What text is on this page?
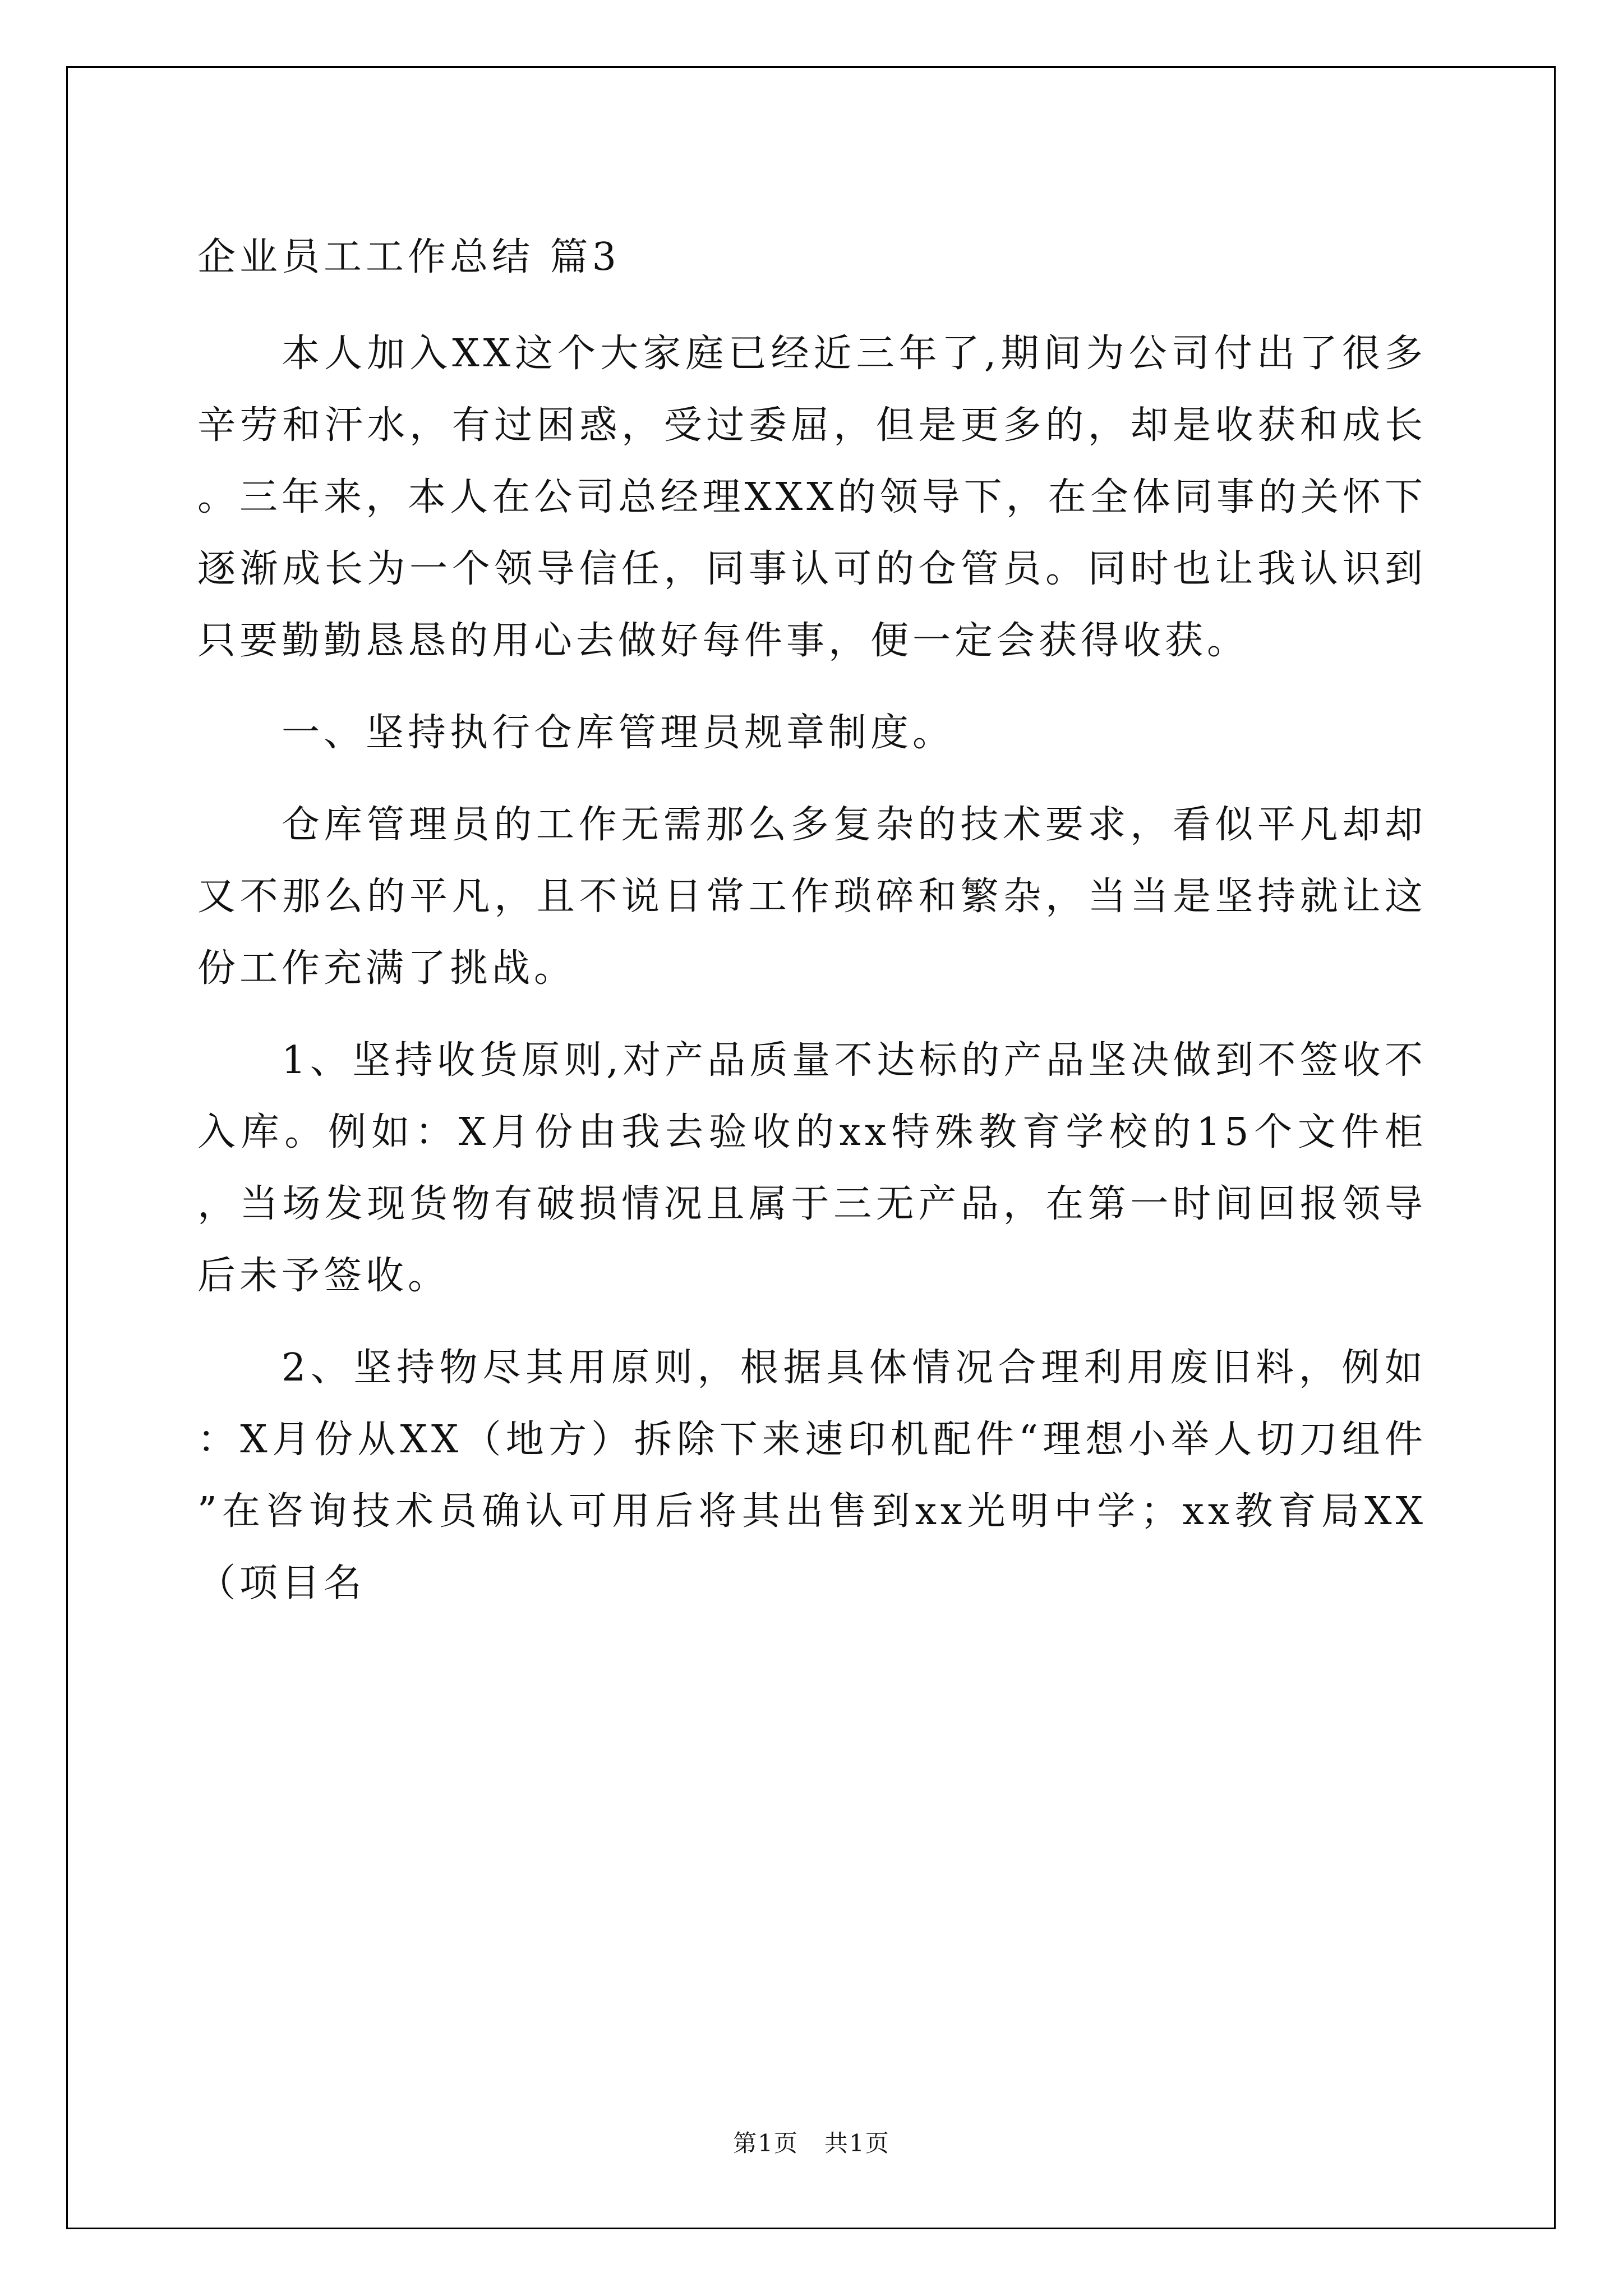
企业员工工作总结 篇3

本人加入XX这个大家庭已经近三年了,期间为公司付出了很多辛劳和汗水，有过困惑，受过委屈，但是更多的，却是收获和成长。三年来，本人在公司总经理XXX的领导下，在全体同事的关怀下逐渐成长为一个领导信任，同事认可的仓管员。同时也让我认识到只要勤勤恳恳的用心去做好每件事，便一定会获得收获。

一、坚持执行仓库管理员规章制度。

仓库管理员的工作无需那么多复杂的技术要求，看似平凡却却又不那么的平凡，且不说日常工作琐碎和繁杂，当当是坚持就让这份工作充满了挑战。

1、坚持收货原则,对产品质量不达标的产品坚决做到不签收不入库。例如：X月份由我去验收的xx特殊教育学校的15个文件柜，当场发现货物有破损情况且属于三无产品，在第一时间回报领导后未予签收。

2、坚持物尽其用原则，根据具体情况合理利用废旧料，例如：X月份从XX（地方）拆除下来速印机配件“理想小举人切刀组件”在咨询技术员确认可用后将其出售到xx光明中学；xx教育局XX（项目名

第1页   共1页
